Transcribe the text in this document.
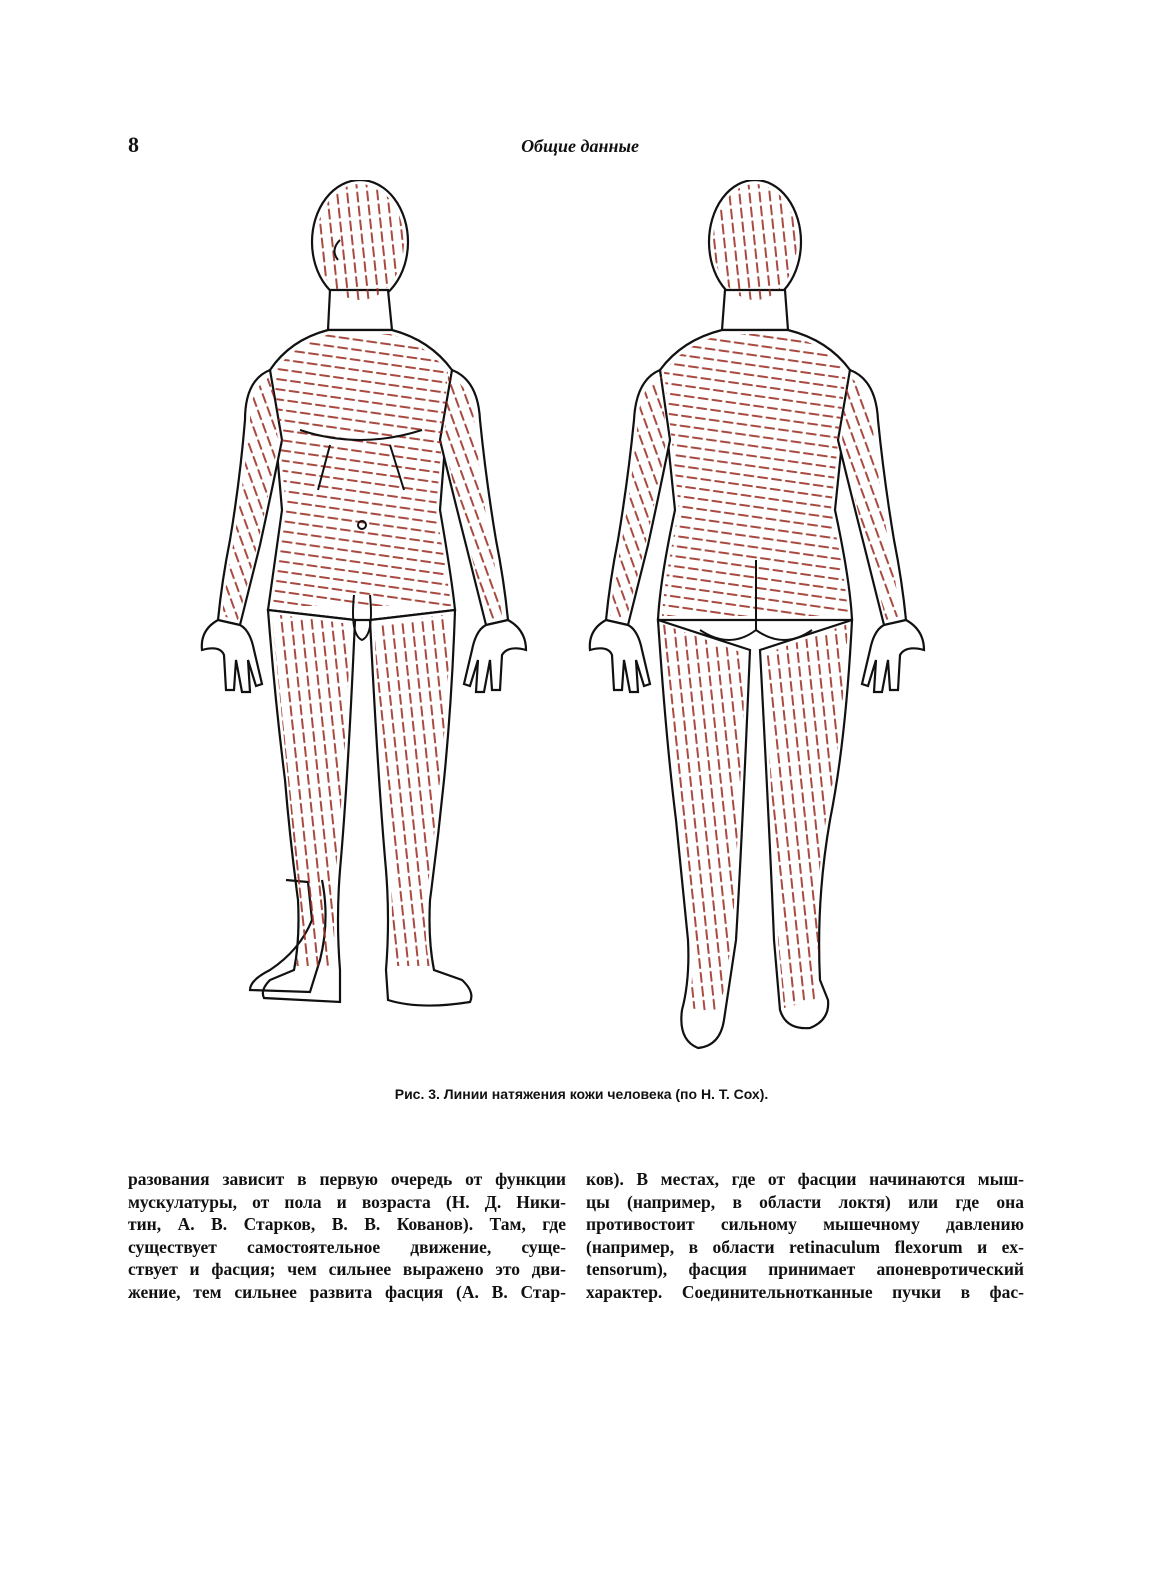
8	Общие данные
Рис. 3. Линии натяжения кожи человека (по Н. Т. Сох).
разования зависит в первую очередь от функции
мускулатуры, от пола и возраста (Н. Д. Ники-
тин, А. В. Старков, В. В. Кованов). Там, где
существует самостоятельное движение, суще-
ствует и фасция; чем сильнее выражено это дви-
жение, тем сильнее развита фасция (А. В. Стар-
ков). В местах, где от фасции начинаются мыш-
цы (например, в области локтя) или где она
противостоит сильному мышечному давлению
(например, в области retinaculum flexorum и ex-
tensorum), фасция принимает апоневротический
характер. Соединительнотканные пучки в фас-
